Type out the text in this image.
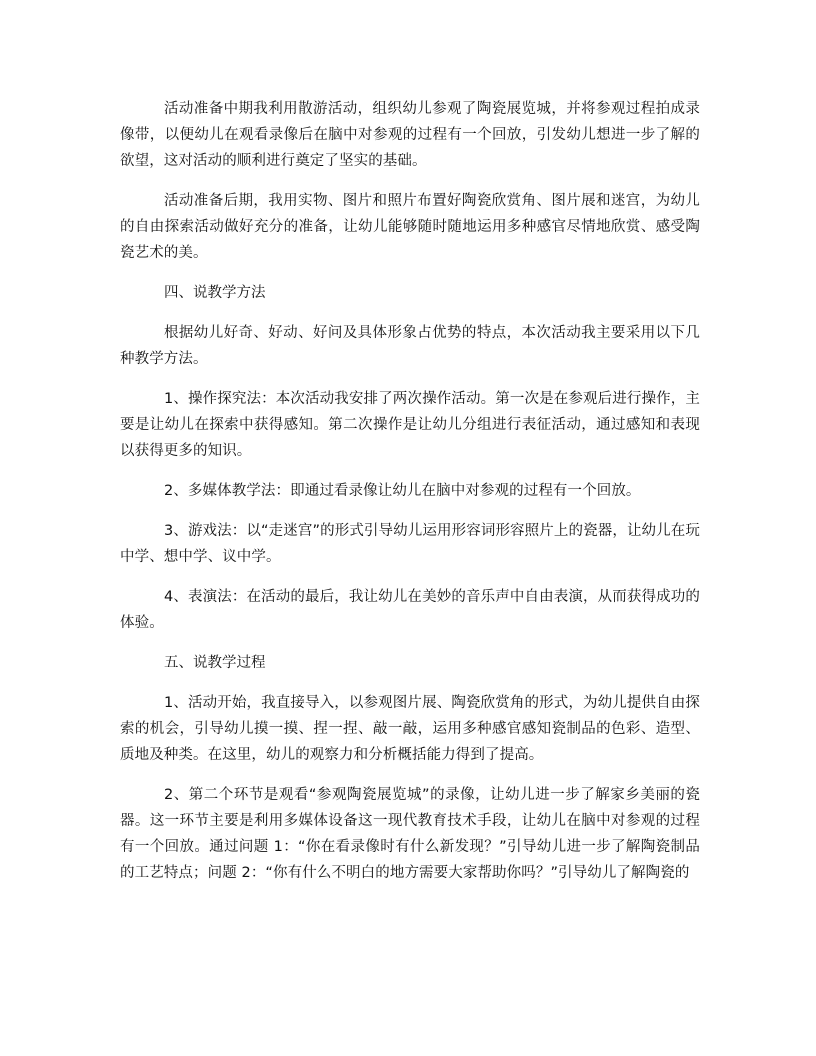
活动准备中期我利用散游活动，组织幼儿参观了陶瓷展览城，并将参观过程拍成录像带，以便幼儿在观看录像后在脑中对参观的过程有一个回放，引发幼儿想进一步了解的欲望，这对活动的顺利进行奠定了坚实的基础。

活动准备后期，我用实物、图片和照片布置好陶瓷欣赏角、图片展和迷宫，为幼儿的自由探索活动做好充分的准备，让幼儿能够随时随地运用多种感官尽情地欣赏、感受陶瓷艺术的美。

四、说教学方法

根据幼儿好奇、好动、好问及具体形象占优势的特点，本次活动我主要采用以下几种教学方法。

1、操作探究法：本次活动我安排了两次操作活动。第一次是在参观后进行操作，主要是让幼儿在探索中获得感知。第二次操作是让幼儿分组进行表征活动，通过感知和表现以获得更多的知识。

2、多媒体教学法：即通过看录像让幼儿在脑中对参观的过程有一个回放。

3、游戏法：以“走迷宫”的形式引导幼儿运用形容词形容照片上的瓷器，让幼儿在玩中学、想中学、议中学。

4、表演法：在活动的最后，我让幼儿在美妙的音乐声中自由表演，从而获得成功的体验。

五、说教学过程

1、活动开始，我直接导入，以参观图片展、陶瓷欣赏角的形式，为幼儿提供自由探索的机会，引导幼儿摸一摸、捏一捏、敲一敲，运用多种感官感知瓷制品的色彩、造型、质地及种类。在这里，幼儿的观察力和分析概括能力得到了提高。

2、第二个环节是观看“参观陶瓷展览城”的录像，让幼儿进一步了解家乡美丽的瓷器。这一环节主要是利用多媒体设备这一现代教育技术手段，让幼儿在脑中对参观的过程有一个回放。通过问题 1：“你在看录像时有什么新发现？”引导幼儿进一步了解陶瓷制品的工艺特点；问题 2：“你有什么不明白的地方需要大家帮助你吗？”引导幼儿了解陶瓷的
